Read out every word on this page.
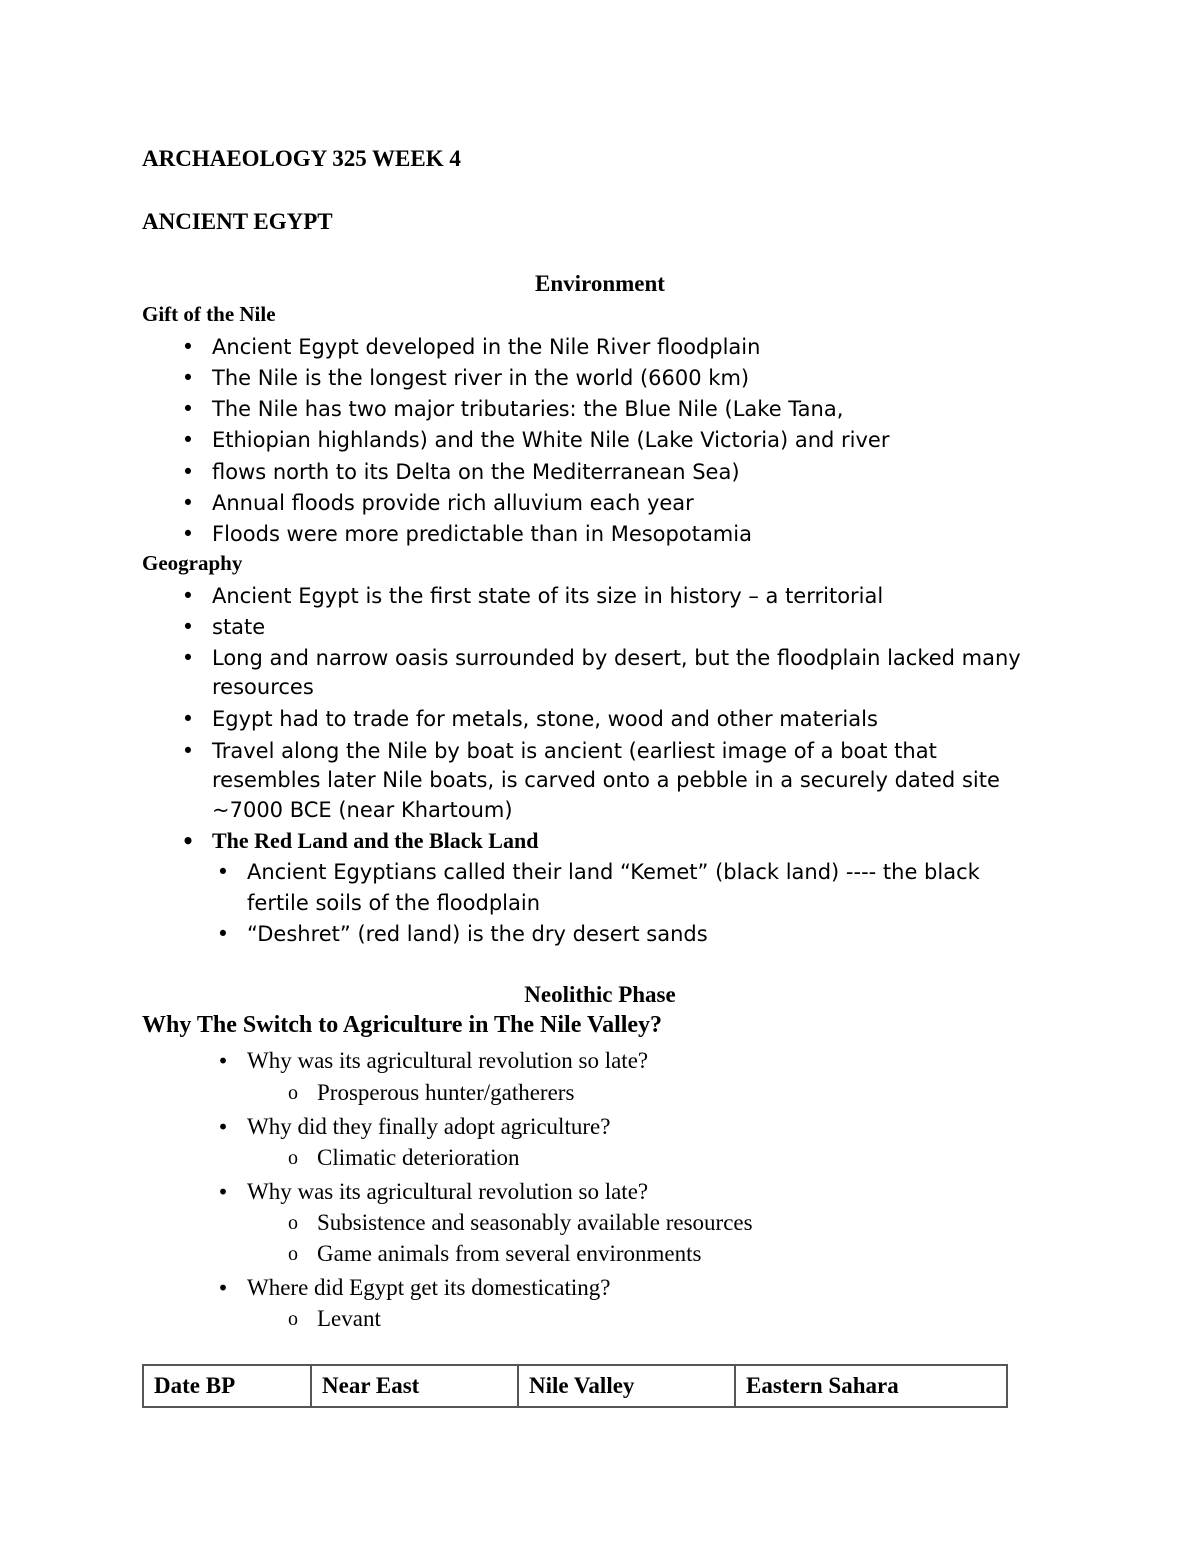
ARCHAEOLOGY 325 WEEK 4
ANCIENT EGYPT
Environment
Gift of the Nile
• Ancient Egypt developed in the Nile River floodplain
• The Nile is the longest river in the world (6600 km)
• The Nile has two major tributaries: the Blue Nile (Lake Tana,
• Ethiopian highlands) and the White Nile (Lake Victoria) and river
• flows north to its Delta on the Mediterranean Sea)
• Annual floods provide rich alluvium each year
• Floods were more predictable than in Mesopotamia
Geography
• Ancient Egypt is the first state of its size in history – a territorial
• state
• Long and narrow oasis surrounded by desert, but the floodplain lacked many
resources
• Egypt had to trade for metals, stone, wood and other materials
• Travel along the Nile by boat is ancient (earliest image of a boat that
resembles later Nile boats, is carved onto a pebble in a securely dated site
~7000 BCE (near Khartoum)
• The Red Land and the Black Land
• Ancient Egyptians called their land “Kemet” (black land) ---- the black
fertile soils of the floodplain
• “Deshret” (red land) is the dry desert sands
Neolithic Phase
Why The Switch to Agriculture in The Nile Valley?
• Why was its agricultural revolution so late?
o Prosperous hunter/gatherers
• Why did they finally adopt agriculture?
o Climatic deterioration
• Why was its agricultural revolution so late?
o Subsistence and seasonably available resources
o Game animals from several environments
• Where did Egypt get its domesticating?
o Levant
Date BP	Near East	Nile Valley	Eastern Sahara
